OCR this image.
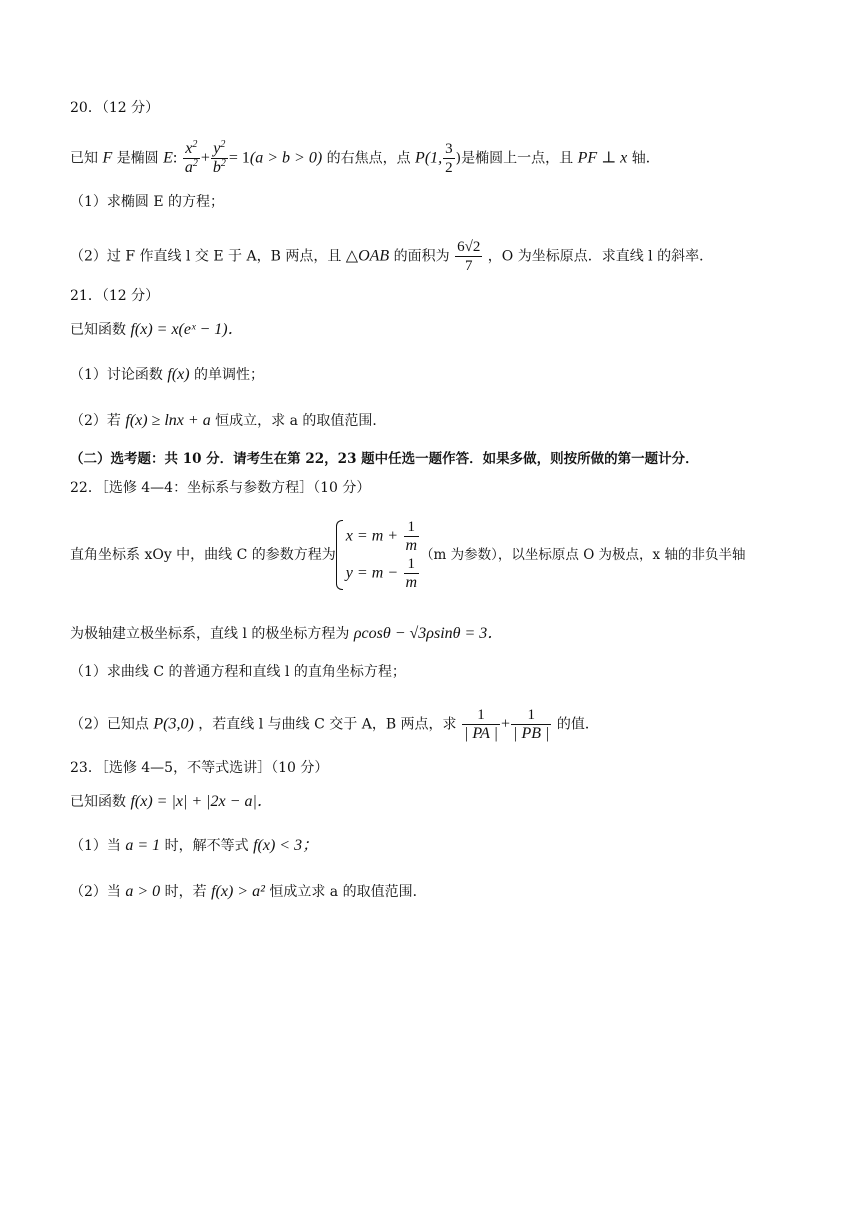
20．（12 分）
已知 F 是椭圆 E: $\frac{x^2}{a^2} + \frac{y^2}{b^2} = 1(a > b > 0)$ 的右焦点，点 P(1, $\frac{3}{2}$ )是椭圆上一点，且 PF ⊥ x 轴．
（1）求椭圆 E 的方程；
（2）过 F 作直线 l 交 E 于 A，B 两点，且 △OAB 的面积为 $\frac{6√2}{7}$ ，O 为坐标原点．求直线 l 的斜率．
21．（12 分）
已知函数 f(x) = x(eˣ − 1)．
（1）讨论函数 f(x) 的单调性；
（2）若 f(x) ≥ lnx + a 恒成立，求 a 的取值范围．
（二）选考题：共 10 分．请考生在第 22，23 题中任选一题作答．如果多做，则按所做的第一题计分．
22．［选修 4—4：坐标系与参数方程］（10 分）
直角坐标系 xOy 中，曲线 C 的参数方程为
$x = m + \frac{1}{m}$
$y = m - \frac{1}{m} (m$ 为参数），以坐标原点 O 为极点，x 轴的非负半轴
为极轴建立极坐标系，直线 l 的极坐标方程为 ρcosθ − √3ρsinθ = 3．
（1）求曲线 C 的普通方程和直线 l 的直角坐标方程；
（2）已知点 P(3,0) ，若直线 l 与曲线 C 交于 A，B 两点，求 $\frac{1}{| PA |} + \frac{1}{| PB |}$ 的值．
23．［选修 4—5，不等式选讲］（10 分）
已知函数 f(x) = |x| + |2x − a|．
（1）当 a = 1 时，解不等式 f(x) < 3；
（2）当 a > 0 时，若 f(x) > a² 恒成立求 a 的取值范围．
